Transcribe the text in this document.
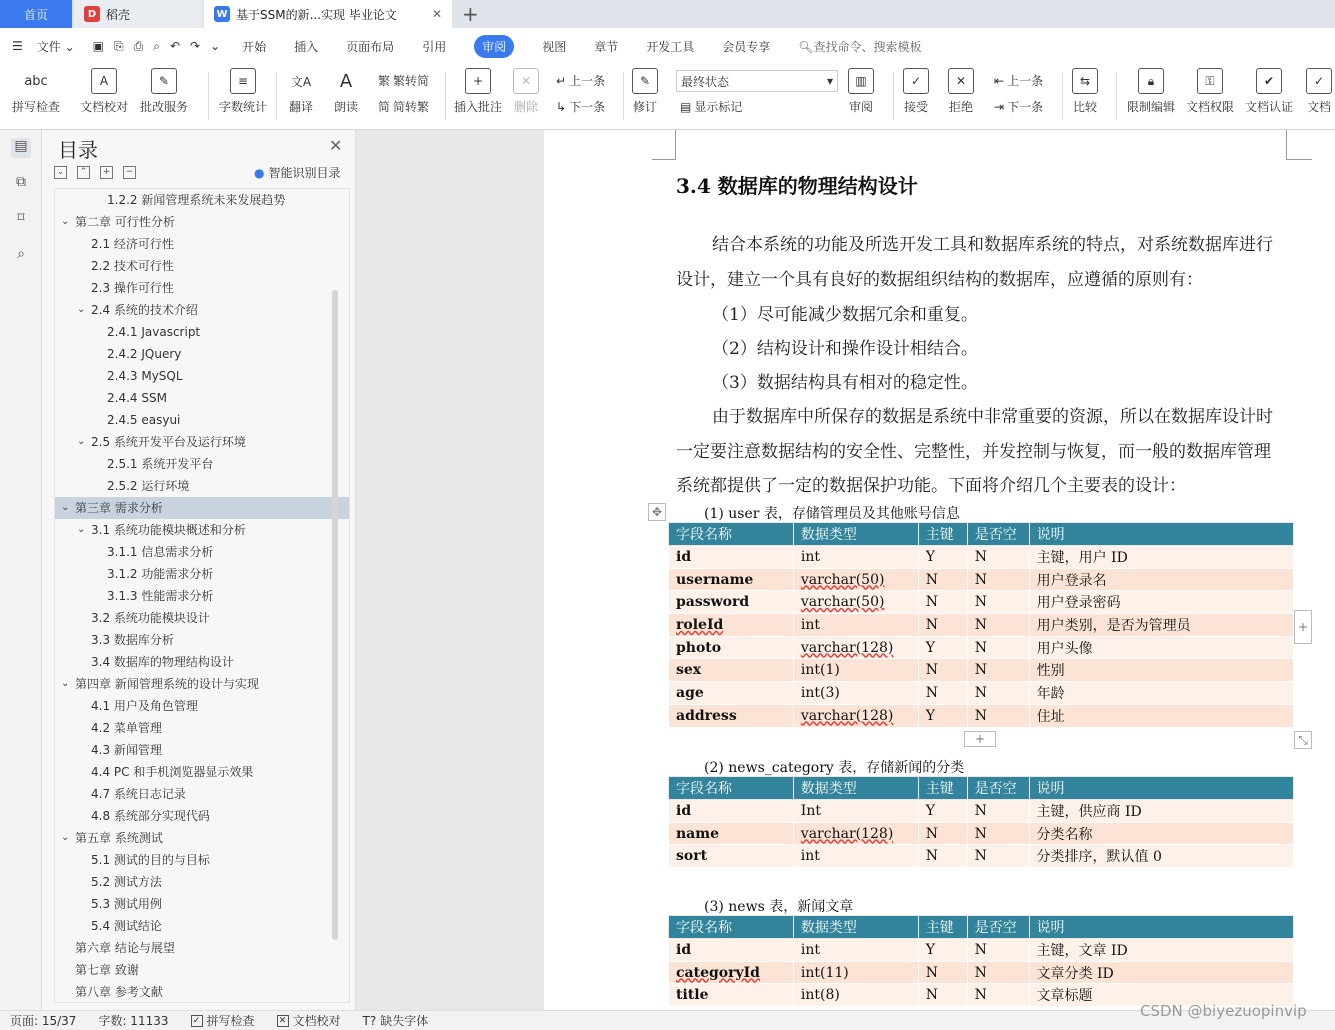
首页	D 稻壳	W 基于SSM的新...实现 毕业论文	✕ +
☰ 文件 ⌄ ▣ ⎘ ⎙ ⌕ ↶ ↷ ⌄ 开始 插入 页面布局 引用	审阅	视图 章节 开发工具 会员专享 🔍︎查找命令、搜索模板
abc
拼写检查
A
文档校对
✎
批改服务
≡
字数统计
文A
翻译
A
朗读
繁 繁转简
简 简转繁
+
插入批注
✕
删除
↵ 上一条
↳ 下一条
✎
修订
最终状态	▾
▤ 显示标记
▥
审阅
✓
接受
✕
拒绝
⇤ 上一条
⇥ 下一条
⇆
比较
🔒︎
限制编辑
⚿
文档权限
✔
文档认证
✓
文档
▤
⧉
⌑
⌕
目录	✕
⌄	⌃	+	−	● 智能识别目录
1.2.2 新闻管理系统未来发展趋势
⌄ 第二章 可行性分析
2.1 经济可行性
2.2 技术可行性
2.3 操作可行性
⌄ 2.4 系统的技术介绍
2.4.1 Javascript
2.4.2 JQuery
2.4.3 MySQL
2.4.4 SSM
2.4.5 easyui
⌄ 2.5 系统开发平台及运行环境
2.5.1 系统开发平台
2.5.2 运行环境
⌄ 第三章 需求分析
⌄ 3.1 系统功能模块概述和分析
3.1.1 信息需求分析
3.1.2 功能需求分析
3.1.3 性能需求分析
3.2 系统功能模块设计
3.3 数据库分析
3.4 数据库的物理结构设计
⌄ 第四章 新闻管理系统的设计与实现
4.1 用户及角色管理
4.2 菜单管理
4.3 新闻管理
4.4 PC 和手机浏览器显示效果
4.7 系统日志记录
4.8 系统部分实现代码
⌄ 第五章 系统测试
5.1 测试的目的与目标
5.2 测试方法
5.3 测试用例
5.4 测试结论
第六章 结论与展望
第七章 致谢
第八章 参考文献
3.4 数据库的物理结构设计
结合本系统的功能及所选开发工具和数据库系统的特点，对系统数据库进行
设计，建立一个具有良好的数据组织结构的数据库，应遵循的原则有：
（1）尽可能减少数据冗余和重复。
（2）结构设计和操作设计相结合。
（3）数据结构具有相对的稳定性。
由于数据库中所保存的数据是系统中非常重要的资源，所以在数据库设计时
一定要注意数据结构的安全性、完整性，并发控制与恢复，而一般的数据库管理
系统都提供了一定的数据保护功能。下面将介绍几个主要表的设计：
✥	(1) user 表，存储管理员及其他账号信息
字段名称	数据类型	主键	是否空	说明
id	int	Y	N	主键，用户 ID
username	varchar(50)	N	N	用户登录名
password	varchar(50)	N	N	用户登录密码
roleId	int	N	N	用户类别，是否为管理员
photo	varchar(128)	Y	N	用户头像
sex	int(1)	N	N	性别
age	int(3)	N	N	年龄
address	varchar(128)	Y	N	住址
+
+	⤡
(2) news_category 表，存储新闻的分类
字段名称	数据类型	主键	是否空	说明
id	Int	Y	N	主键，供应商 ID
name	varchar(128)	N	N	分类名称
sort	int	N	N	分类排序，默认值 0
(3) news 表，新闻文章
字段名称	数据类型	主键	是否空	说明
id	int	Y	N	主键，文章 ID
categoryId	int(11)	N	N	文章分类 ID
title	int(8)	N	N	文章标题
页面: 15/37 字数: 11133	✓ 拼写检查	✕ 文档校对 T? 缺失字体
CSDN @biyezuopinvip
